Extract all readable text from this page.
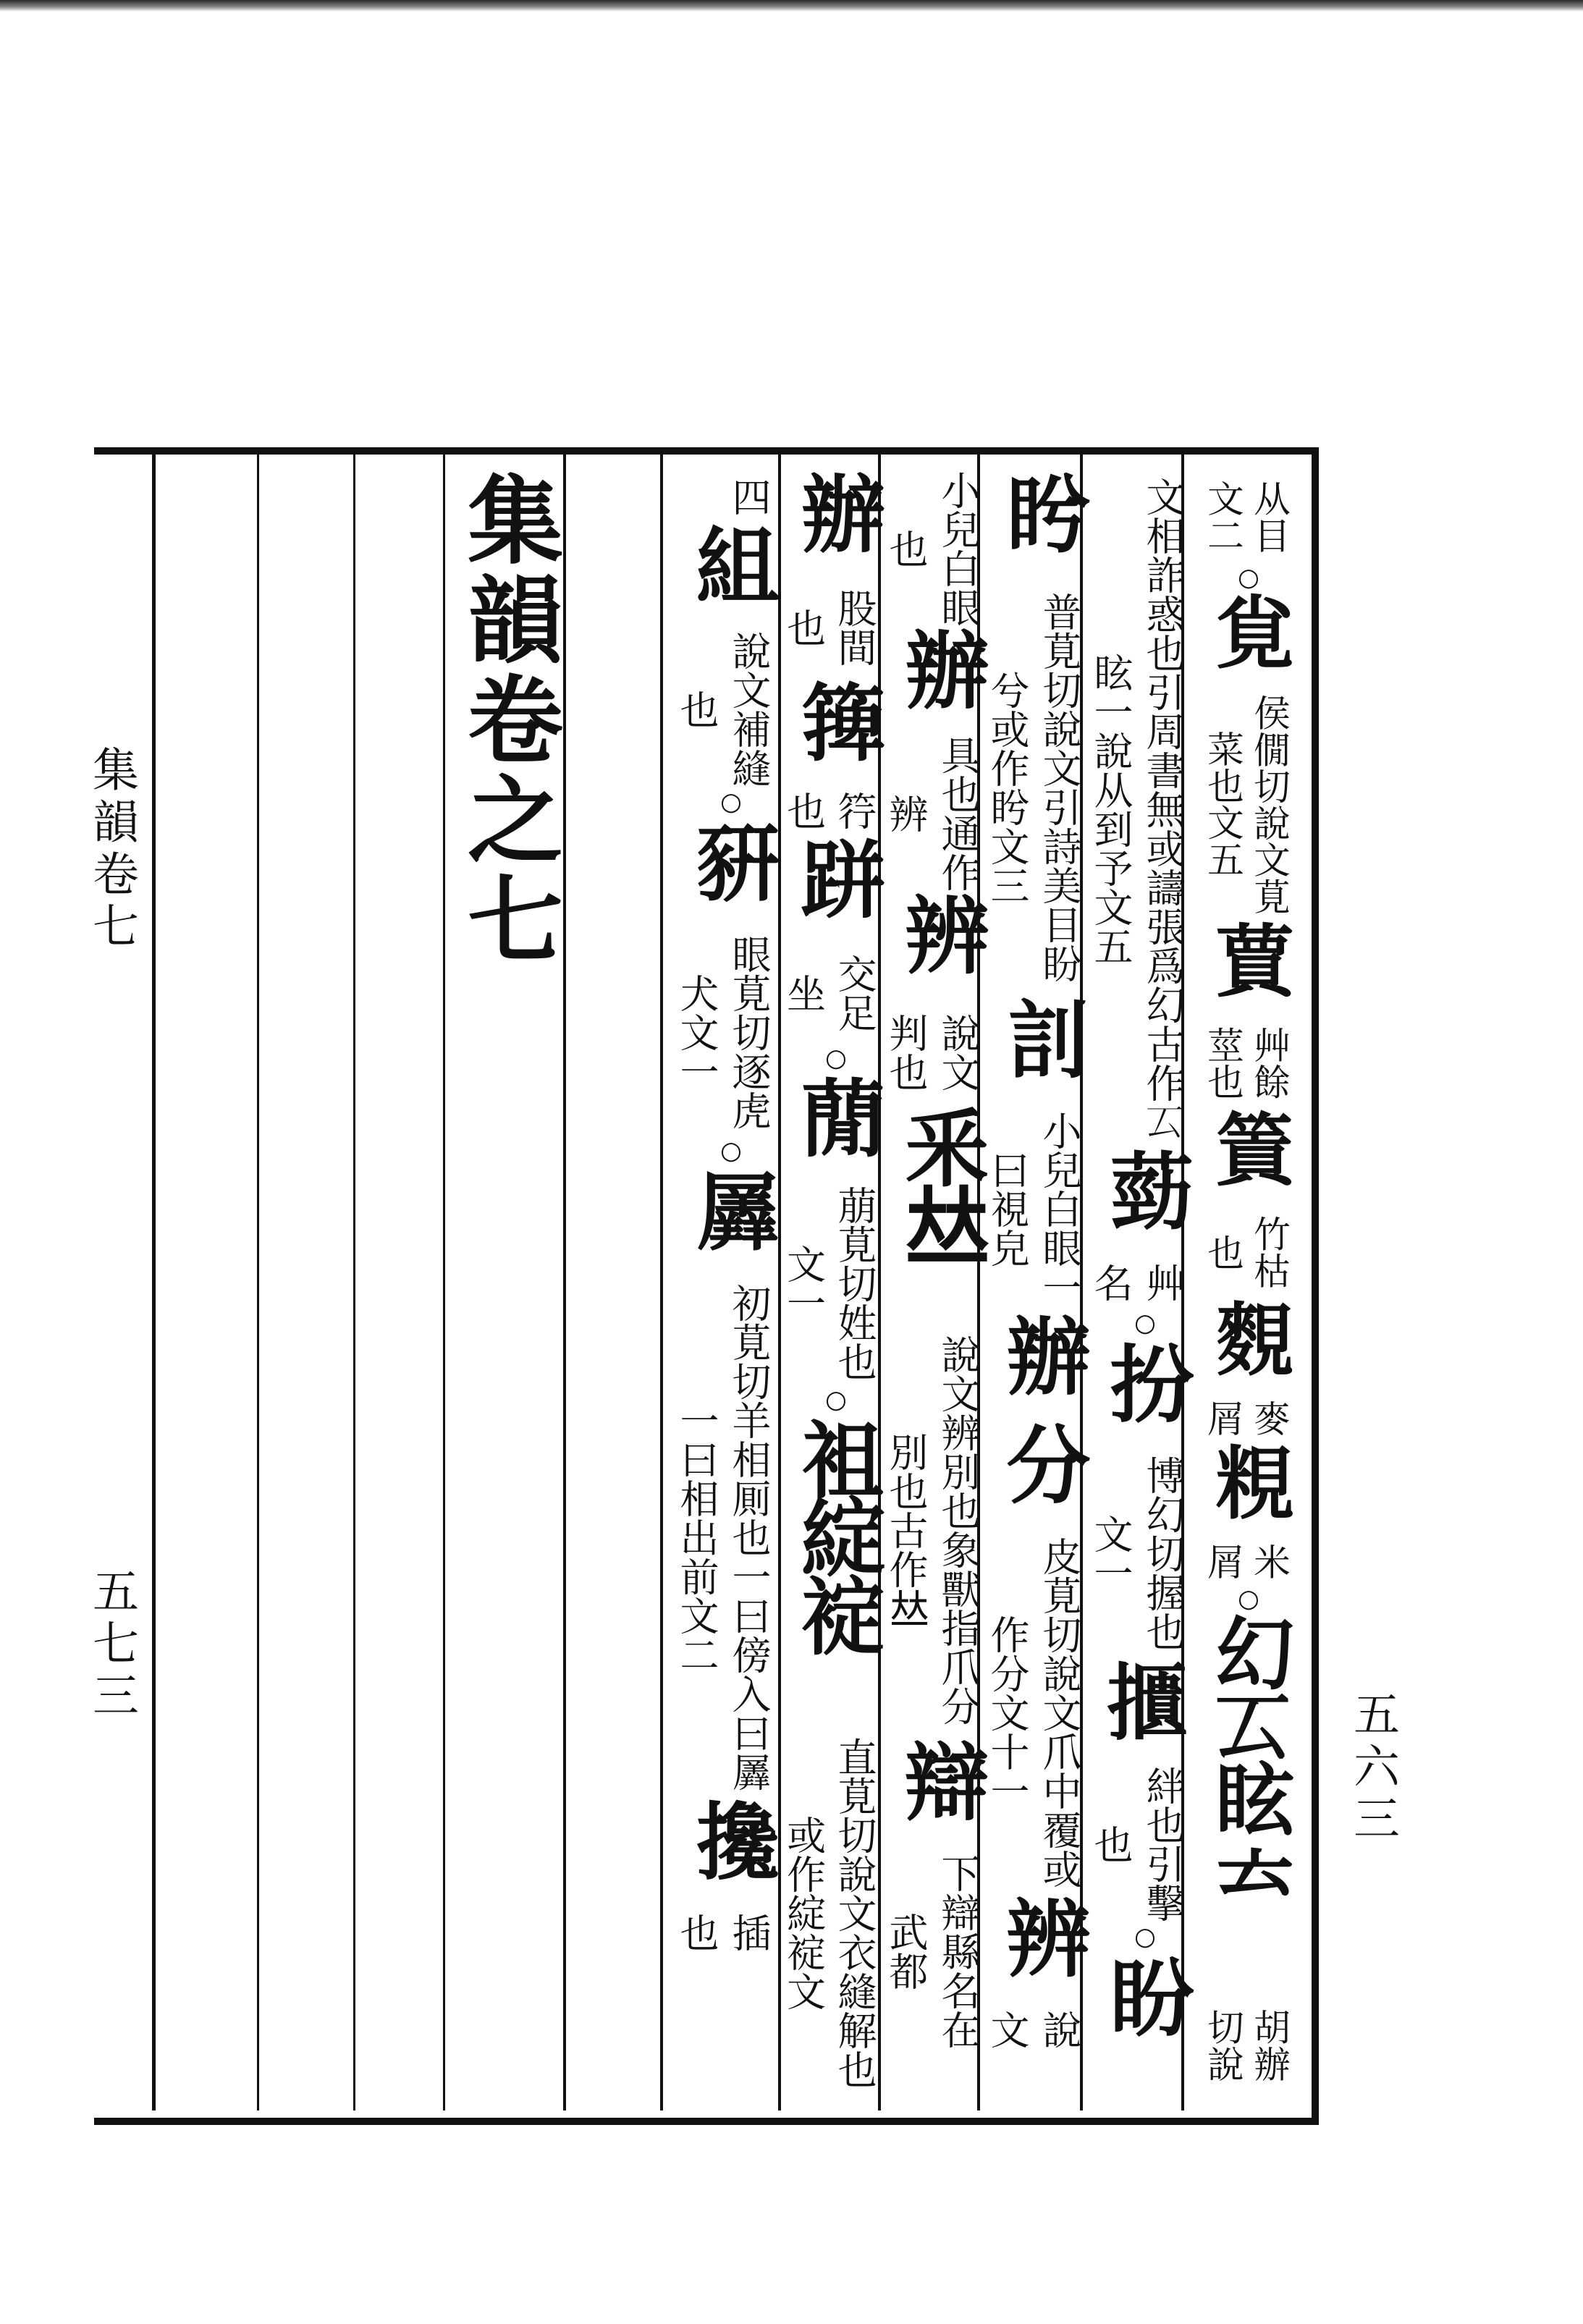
集韻卷七
五七三
集韻卷之七	从目文二
○
覍
侯僩切說文莧菜也文五
蕒
艸餘莖也
篢
竹枯也
麲
麥屑
粯
米屑
○
幻𠫔眩𠫓
胡辦切說
文相詐惑也引周書無或譸張爲幻古作𠫔眩一說从到予文五
葝
艸名
○
扮
博幻切握也文一
𢷴
絆也引擊也
○
盼
盻
普莧切說文引詩美目盼兮或作盻文三
䚯
小兒白眼一曰視皃
辦
分
皮莧切說文爪中覆或作分文十一
辨
說文
小兒白眼也
辦
具也通作辨
辨
說文判也
釆𠀤
說文辨別也象獸指爪分別也古作𠀤
辯
下辯縣名在武都
辦
股間也
篺
筕也
跰
交足坐
○
蕑
萠莧切姓也文一
○
袓綻䘺
直莧切說文衣縫解也或作綻䘺文
四
組
說文補縫也
○
豣
眼莧切逐虎犬文一
○
羼
初莧切羊相厠也一曰傍入曰羼一曰相出前文二
攙
插也
五六三
